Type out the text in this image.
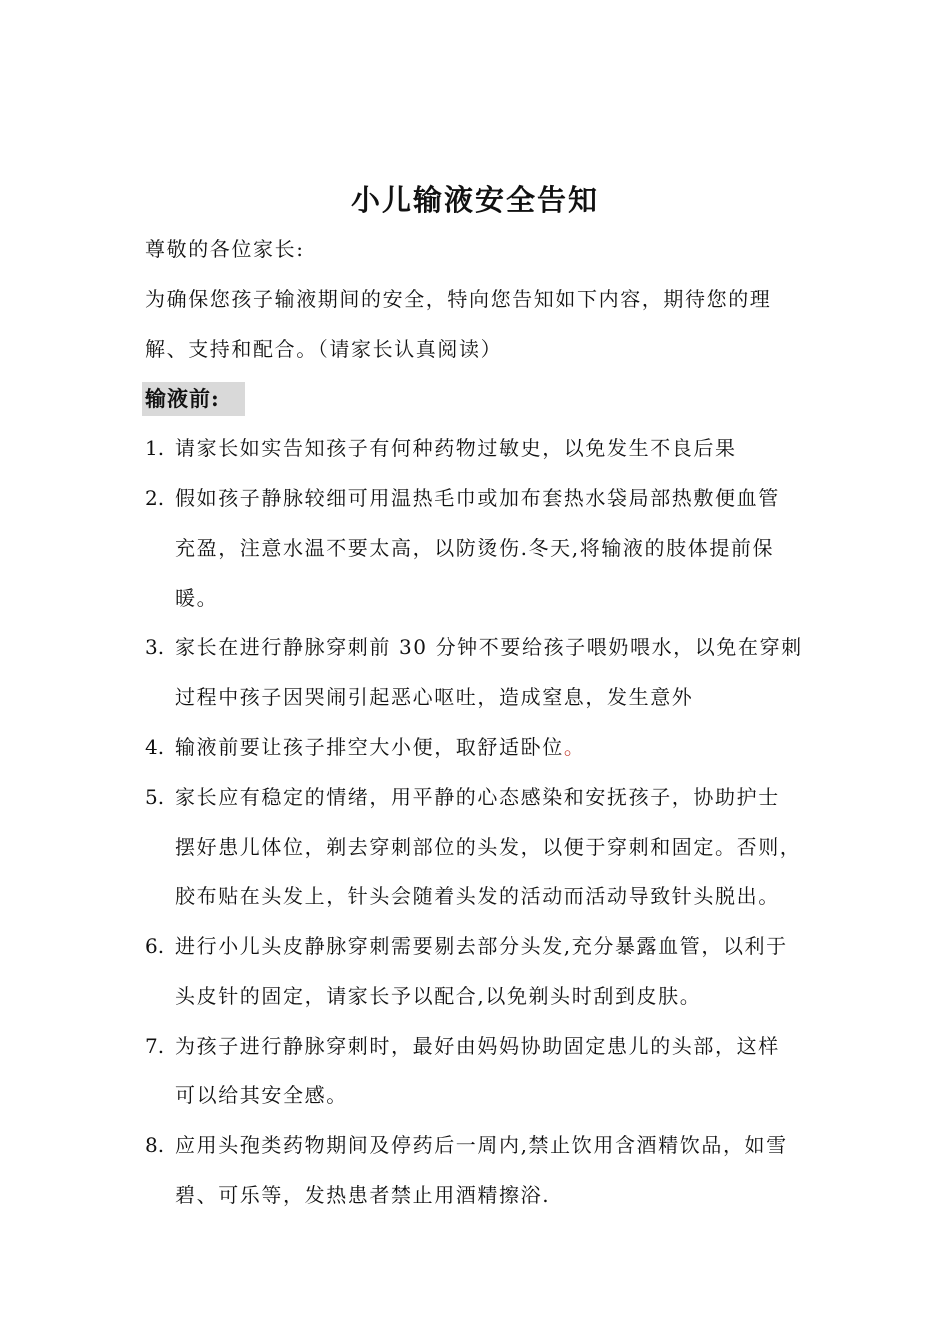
小儿输液安全告知
尊敬的各位家长:
为确保您孩子输液期间的安全，特向您告知如下内容，期待您的理
解、支持和配合。（请家长认真阅读）
输液前:
1. 请家长如实告知孩子有何种药物过敏史，以免发生不良后果
2. 假如孩子静脉较细可用温热毛巾或加布套热水袋局部热敷便血管
充盈，注意水温不要太高，以防烫伤.冬天,将输液的肢体提前保
暖。
3. 家长在进行静脉穿刺前 30 分钟不要给孩子喂奶喂水，以免在穿刺
过程中孩子因哭闹引起恶心呕吐，造成窒息，发生意外
4. 输液前要让孩子排空大小便，取舒适卧位。
5. 家长应有稳定的情绪，用平静的心态感染和安抚孩子，协助护士
摆好患儿体位，剃去穿刺部位的头发，以便于穿刺和固定。否则，
胶布贴在头发上，针头会随着头发的活动而活动导致针头脱出。
6. 进行小儿头皮静脉穿刺需要剔去部分头发,充分暴露血管，以利于
头皮针的固定，请家长予以配合,以免剃头时刮到皮肤。
7. 为孩子进行静脉穿刺时，最好由妈妈协助固定患儿的头部，这样
可以给其安全感。
8. 应用头孢类药物期间及停药后一周内,禁止饮用含酒精饮品，如雪
碧、可乐等，发热患者禁止用酒精擦浴.
